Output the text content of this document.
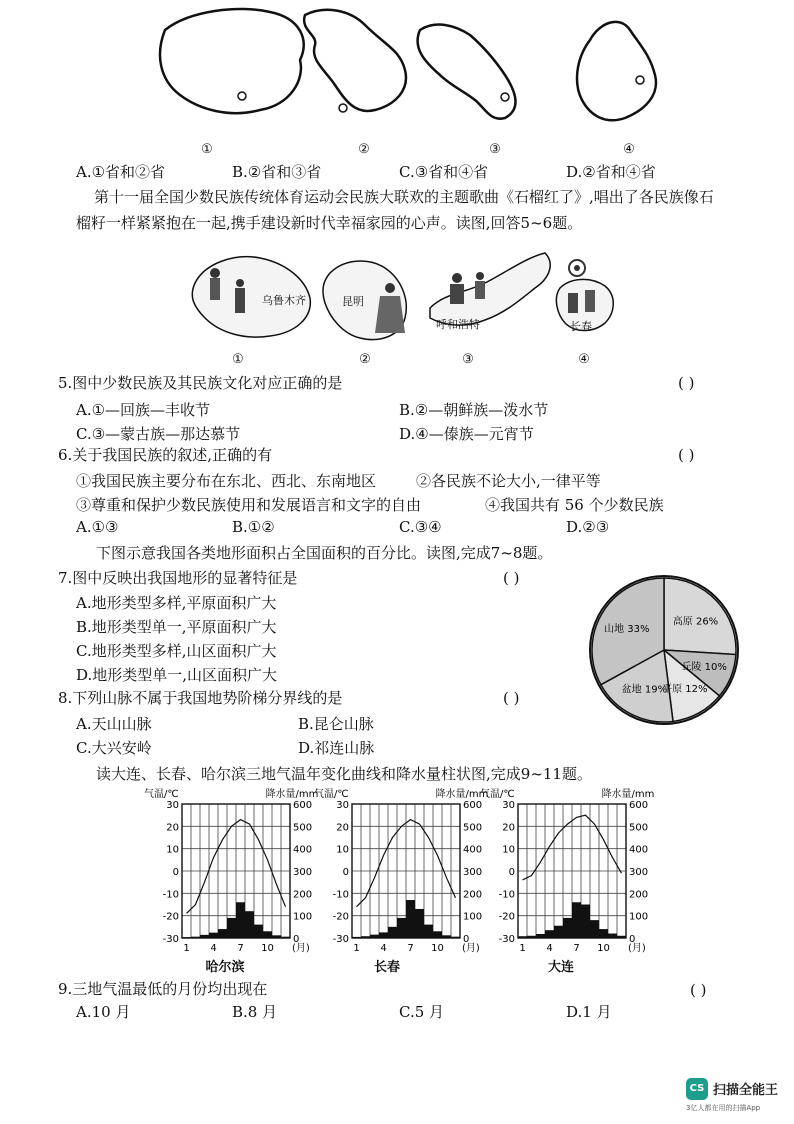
①	②	③	④
A.①省和②省	B.②省和③省	C.③省和④省	D.②省和④省
第十一届全国少数民族传统体育运动会民族大联欢的主题歌曲《石榴红了》,唱出了各民族像石榴籽一样紧紧抱在一起,携手建设新时代幸福家园的心声。读图,回答5~6题。
乌鲁木齐	昆明
呼和浩特	长春
①	②	③	④
5.图中少数民族及其民族文化对应正确的是	( )
A.①—回族—丰收节	B.②—朝鲜族—泼水节
C.③—蒙古族—那达慕节	D.④—傣族—元宵节
6.关于我国民族的叙述,正确的有	( )
①我国民族主要分布在东北、西北、东南地区	②各民族不论大小,一律平等
③尊重和保护少数民族使用和发展语言和文字的自由	④我国共有 56 个少数民族
A.①③	B.①②	C.③④	D.②③
下图示意我国各类地形面积占全国面积的百分比。读图,完成7~8题。
7.图中反映出我国地形的显著特征是	( )
A.地形类型多样,平原面积广大
B.地形类型单一,平原面积广大
C.地形类型多样,山区面积广大
D.地形类型单一,山区面积广大
8.下列山脉不属于我国地势阶梯分界线的是	( )
A.天山山脉	B.昆仑山脉
C.大兴安岭	D.祁连山脉
高原 26%
丘陵 10%
平原 12%
盆地 19%
山地 33%
读大连、长春、哈尔滨三地气温年变化曲线和降水量柱状图,完成9~11题。
气温/℃	降水量/mm
30	600
20	500
10	400
0	300
-10	200
-20	100
-30	0
1 4 7 10 (月)
气温/℃	降水量/mm
30	600
20	500
10	400
0	300
-10	200
-20	100
-30	0
1 4 7 10 (月)
气温/℃	降水量/mm
30	600
20	500
10	400
0	300
-10	200
-20	100
-30	0
1 4 7 10 (月)
哈尔滨	长春	大连
9.三地气温最低的月份均出现在	( )
A.10 月	B.8 月	C.5 月	D.1 月
CS 扫描全能王
3亿人都在用的扫描App
